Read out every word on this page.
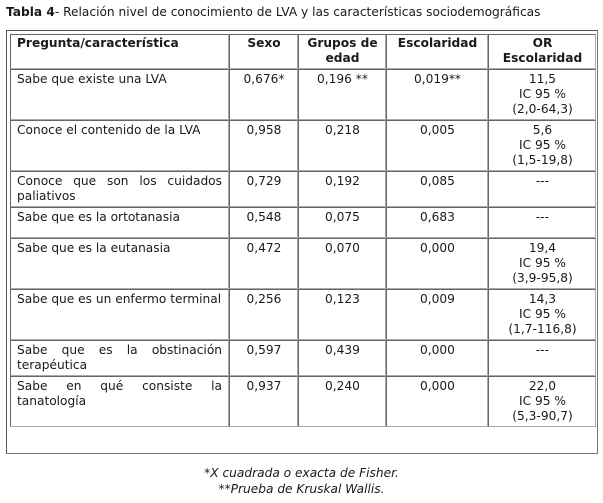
Tabla 4- Relación nivel de conocimiento de LVA y las características sociodemográficas
Pregunta/característica	Sexo	Grupos de edad	Escolaridad	OR Escolaridad
Sabe que existe una LVA	0,676*	0,196 **	0,019**	11,5
IC 95 %
(2,0-64,3)

Conoce el contenido de la LVA	0,958	0,218	0,005	5,6
IC 95 %
(1,5-19,8)

Conoce que son los cuidados paliativos	0,729	0,192	0,085	---

Sabe que es la ortotanasia	0,548	0,075	0,683	---

Sabe que es la eutanasia	0,472	0,070	0,000	19,4
IC 95 %
(3,9-95,8)

Sabe que es un enfermo terminal	0,256	0,123	0,009	14,3
IC 95 %
(1,7-116,8)

Sabe que es la obstinación terapéutica	0,597	0,439	0,000	---

Sabe en qué consiste la tanatología	0,937	0,240	0,000	22,0
IC 95 %
(5,3-90,7)
*X cuadrada o exacta de Fisher.
**Prueba de Kruskal Wallis.
